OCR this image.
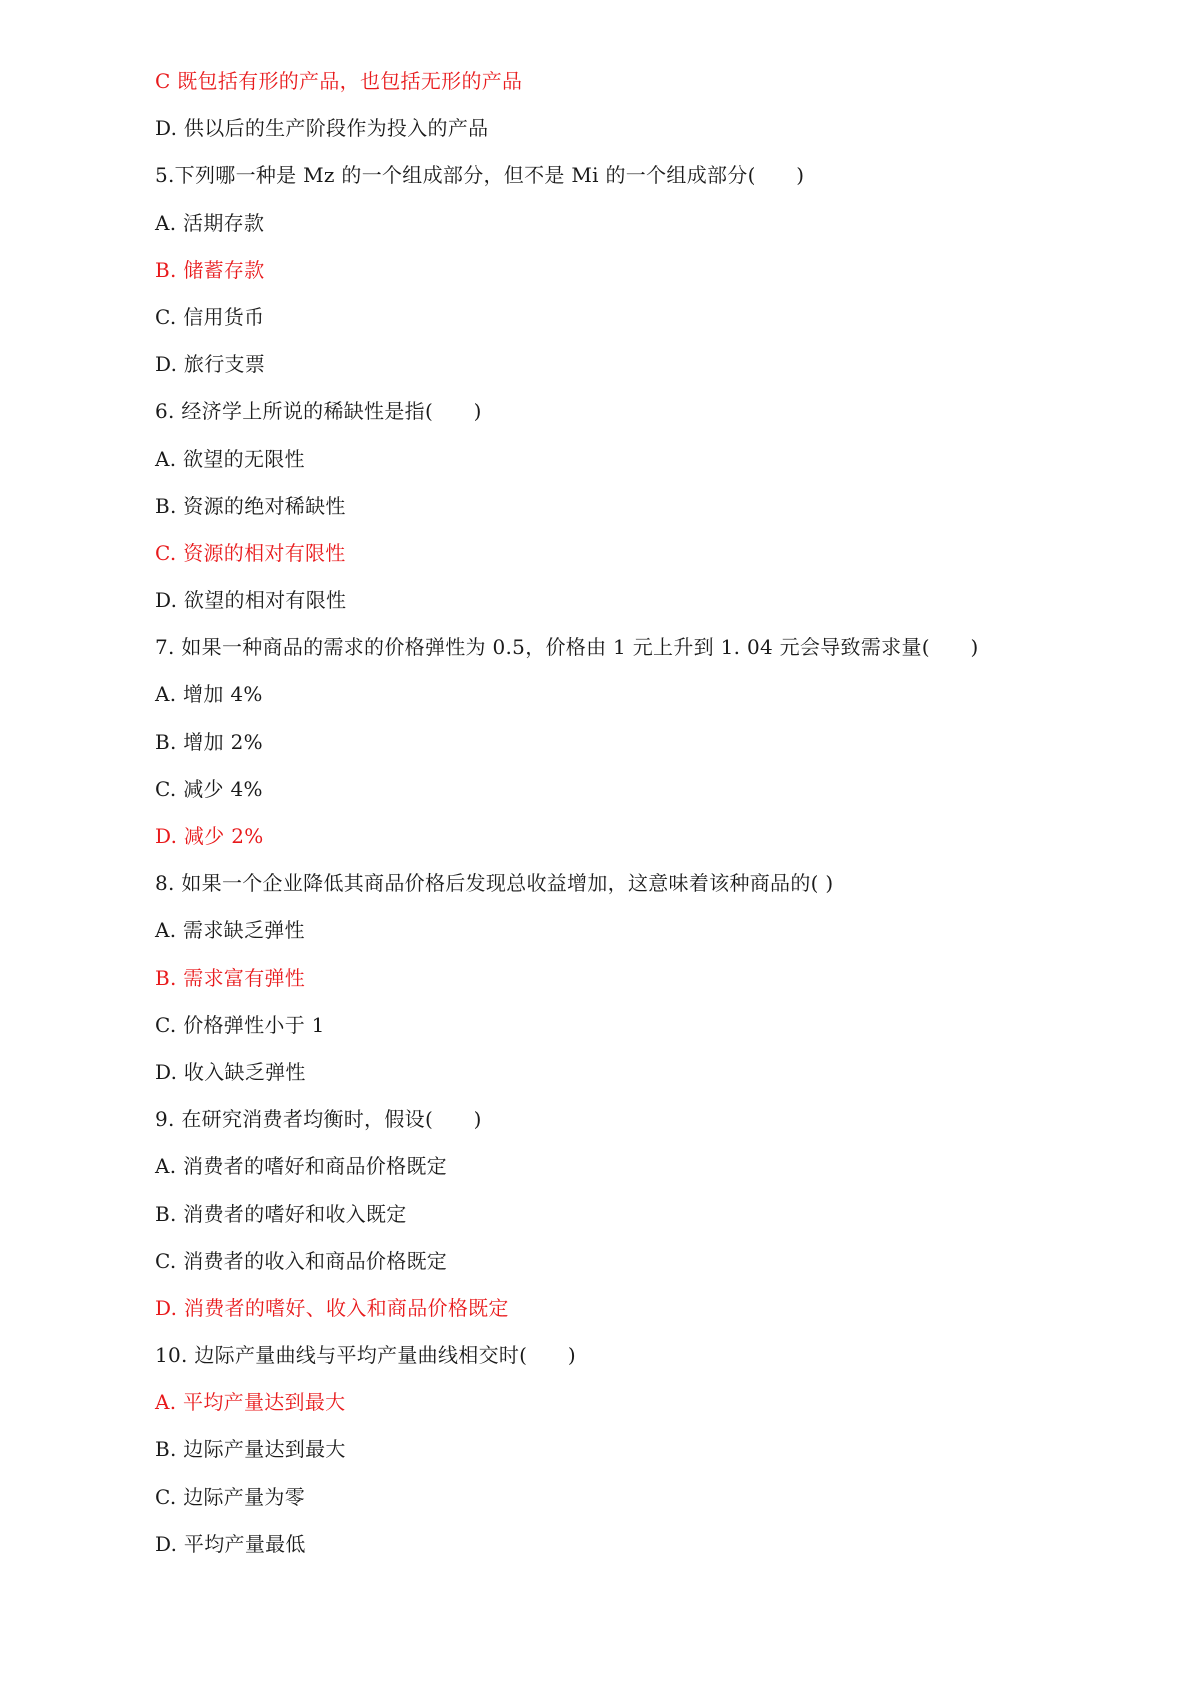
C 既包括有形的产品，也包括无形的产品
D. 供以后的生产阶段作为投入的产品
5.下列哪一种是 Mz 的一个组成部分，但不是 Mi 的一个组成部分(　　)
A. 活期存款
B. 储蓄存款
C. 信用货币
D. 旅行支票
6. 经济学上所说的稀缺性是指(　　)
A. 欲望的无限性
B. 资源的绝对稀缺性
C. 资源的相对有限性
D. 欲望的相对有限性
7. 如果一种商品的需求的价格弹性为 0.5，价格由 1 元上升到 1. 04 元会导致需求量(　　)
A. 增加 4%
B. 增加 2%
C. 减少 4%
D. 减少 2%
8. 如果一个企业降低其商品价格后发现总收益增加，这意味着该种商品的( )
A. 需求缺乏弹性
B. 需求富有弹性
C. 价格弹性小于 1
D. 收入缺乏弹性
9. 在研究消费者均衡时，假设(　　)
A. 消费者的嗜好和商品价格既定
B. 消费者的嗜好和收入既定
C. 消费者的收入和商品价格既定
D. 消费者的嗜好、收入和商品价格既定
10. 边际产量曲线与平均产量曲线相交时(　　)
A. 平均产量达到最大
B. 边际产量达到最大
C. 边际产量为零
D. 平均产量最低
